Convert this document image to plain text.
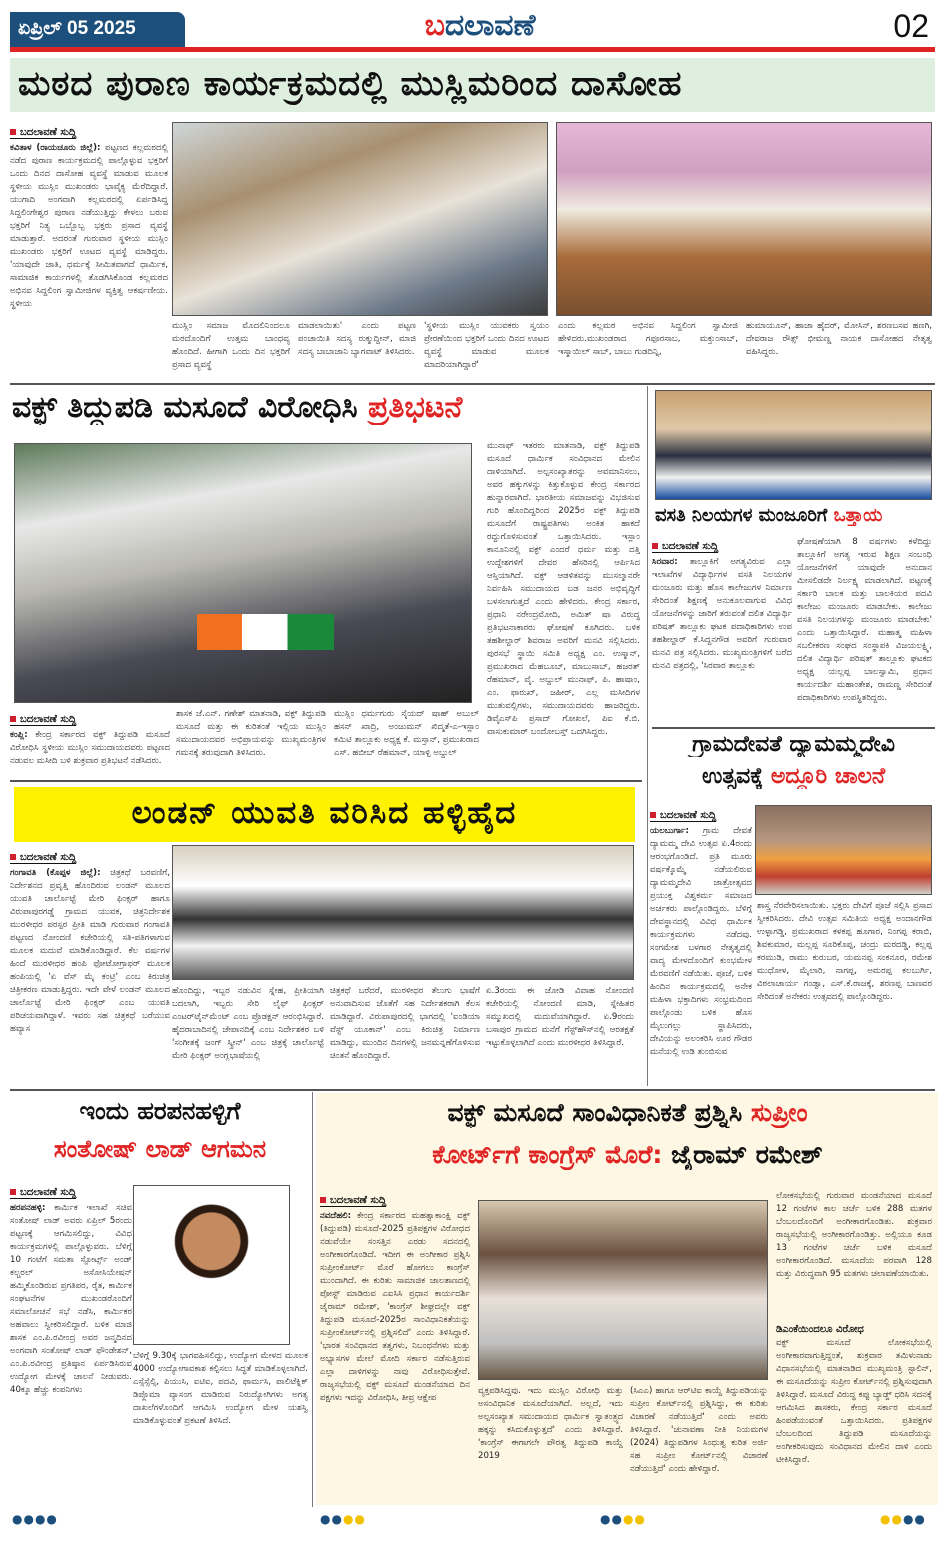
ಏಪ್ರಿಲ್ 05 2025	ಬದಲಾವಣೆ	02
ಮಠದ ಪುರಾಣ ಕಾರ್ಯಕ್ರಮದಲ್ಲಿ ಮುಸ್ಲಿಮರಿಂದ ದಾಸೋಹ
ಬದಲಾವಣೆ ಸುದ್ದಿ
ಕವಿತಾಳ (ರಾಯಚೂರು ಜಿಲ್ಲೆ): ಪಟ್ಟಣದ ಕಲ್ಲಮಠದಲ್ಲಿ ನಡೆದ ಪುರಾಣ ಕಾರ್ಯಕ್ರಮದಲ್ಲಿ ಪಾಲ್ಗೊಳ್ಳುವ ಭಕ್ತರಿಗೆ ಒಂದು ದಿನದ ದಾಸೋಹ ವ್ಯವಸ್ಥೆ ಮಾಡುವ ಮೂಲಕ ಸ್ಥಳೀಯ ಮುಸ್ಲಿಂ ಮುಖಂಡರು ಭಾವೈಕ್ಯ ಮೆರೆದಿದ್ದಾರೆ. ಯುಗಾದಿ ಅಂಗವಾಗಿ ಕಲ್ಲಮಠದಲ್ಲಿ ಏರ್ಪಡಿಸಿದ್ದ ಸಿದ್ದಲಿಂಗೇಶ್ವರ ಪುರಾಣ ನಡೆಯುತ್ತಿದ್ದು ಕೇಳಲು ಬರುವ ಭಕ್ತರಿಗೆ ನಿತ್ಯ ಒಬ್ಬೊಬ್ಬ ಭಕ್ತರು ಪ್ರಸಾದ ವ್ಯವಸ್ಥೆ ಮಾಡುತ್ತಾರೆ. ಅದರಂತೆ ಗುರುವಾರ ಸ್ಥಳೀಯ ಮುಸ್ಲಿಂ ಮುಖಂಡರು ಭಕ್ತರಿಗೆ ಊಟದ ವ್ಯವಸ್ಥೆ ಮಾಡಿದ್ದರು. 'ಯಾವುದೇ ಜಾತಿ, ಧರ್ಮಕ್ಕೆ ಸೀಮಿತವಾಗದೆ ಧಾರ್ಮಿಕ, ಸಾಮಾಜಿಕ ಕಾರ್ಯಗಳಲ್ಲಿ ತೊಡಗಿಸಿಕೊಂಡ ಕಲ್ಲಮಠದ ಅಭಿನವ ಸಿದ್ದಲಿಂಗ ಸ್ವಾಮೀಜಿಗಳ ವ್ಯಕ್ತಿತ್ವ ಆಕರ್ಷಣೀಯ. ಸ್ಥಳೀಯ
ಮುಸ್ಲಿಂ ಸಮಾಜ ಮೊದಲಿನಿಂದಲೂ ಮಠದೊಂದಿಗೆ ಉತ್ತಮ ಬಾಂಧವ್ಯ ಹೊಂದಿದೆ. ಹೀಗಾಗಿ ಒಂದು ದಿನ ಭಕ್ತರಿಗೆ ಪ್ರಸಾದ ವ್ಯವಸ್ಥೆ
ಮಾಡಲಾಯಿತು' ಎಂದು ಪಟ್ಟಣ ಪಂಚಾಯಿತಿ ಸದಸ್ಯ ರುಕ್ಮುದ್ದೀನ್, ಮಾಜಿ ಸದಸ್ಯ ಬಾಬಾಜಾನಿ ಬ್ಯಾಗವಾಟ್ ತಿಳಿಸಿದರು.
'ಸ್ಥಳೀಯ ಮುಸ್ಲಿಂ ಯುವಕರು ಸ್ವಯಂ ಪ್ರೇರಣೆಯಿಂದ ಭಕ್ತರಿಗೆ ಒಂದು ದಿನದ ಊಟದ ವ್ಯವಸ್ಥೆ ಮಾಡುವ ಮೂಲಕ ಮಾದರಿಯಾಗಿದ್ದಾರೆ'
ಎಂದು ಕಲ್ಲಮಠ ಅಭಿನವ ಸಿದ್ದಲಿಂಗ ಸ್ವಾಮೀಜಿ ಹೇಳಿದರು.ಮುಖಂಡರಾದ ಗಫೂರಸಾಬ, ಮಕ್ತುಂಸಾಬ್, ಇಸ್ಮಾಯಿಲ್ ಸಾಬ್, ಬಾಬು ಗುಡದಿನ್ನಿ,
ಹುಮಾಯೂನ್, ಹಾಜಾ ಹೈದರ್, ಮೋಸಿನ್, ಶರಣಬಸವ ಹಣಗಿ, ದೇವರಾಜ ರೌತ್ಸ್ ಭೀಮಣ್ಣ ನಾಯಕ ದಾಸೋಹದ ನೇತೃತ್ವ ವಹಿಸಿದ್ದರು.
ವಕ್ಫ್ ತಿದ್ದುಪಡಿ ಮಸೂದೆ ವಿರೋಧಿಸಿ ಪ್ರತಿಭಟನೆ
ಮುನಾಫ್ ಇತರರು ಮಾತನಾಡಿ, ವಕ್ಫ್ ತಿದ್ದುಪಡಿ ಮಸೂದೆ ಧಾರ್ಮಿಕ ಸಂವಿಧಾನದ ಮೇಲಿನ ದಾಳಿಯಾಗಿದೆ. ಅಲ್ಪಸಂಖ್ಯಾತರನ್ನು ಅವಮಾನಿಸಲು, ಅವರ ಹಕ್ಕುಗಳನ್ನು ಕಿತ್ತುಕೊಳ್ಳುವ ಕೇಂದ್ರ ಸರ್ಕಾರದ ಹುನ್ನಾರವಾಗಿದೆ. ಭಾರತೀಯ ಸಮಾಜವನ್ನು ವಿಭಜಿಸುವ ಗುರಿ ಹೊಂದಿದ್ದರಿಂದ 2025ರ ವಕ್ಫ್ ತಿದ್ದುಪಡಿ ಮಸೂದೆಗೆ ರಾಷ್ಟ್ರಪತಿಗಳು ಅಂಕಿತ ಹಾಕದೆ ರದ್ದುಗೊಳಿಸುವಂತೆ ಒತ್ತಾಯಿಸಿದರು. ಇಸ್ಲಾಂ ಕಾನೂನಿನಲ್ಲಿ ವಕ್ಫ್ ಎಂದರೆ ಧರ್ಮ ಮತ್ತು ದತ್ತಿ ಉದ್ದೇಶಗಳಿಗೆ ದೇವರ ಹೆಸರಿನಲ್ಲಿ ಆರ್ಪಿಸಿದ ಆಸ್ತಿಯಾಗಿದೆ. ವಕ್ಫ್ ಆಡಳಿತವನ್ನು ಮುಸಲ್ಮಾನರೇ ನಿರ್ವಹಿಸಿ ಸಮುದಾಯದ ಬಡ ಜನರ ಅಭಿವೃದ್ಧಿಗೆ ಬಳಸಲಾಗುತ್ತದೆ ಎಂದು ಹೇಳಿದರು. ಕೇಂದ್ರ ಸರ್ಕಾರ, ಪ್ರಧಾನಿ ನರೇಂದ್ರಮೋದಿ, ಅಮಿತ್ ಷಾ ವಿರುದ್ಧ ಪ್ರತಿಭಟನಾಕಾರರು ಘೋಷಣೆ ಕೂಗಿದರು. ಬಳಿಕ ತಹಶೀಲ್ದಾರ್ ಶಿವರಾಜ ಅವರಿಗೆ ಮನವಿ ಸಲ್ಲಿಸಿದರು. ಪುರಸಭೆ ಸ್ಥಾಯಿ ಸಮಿತಿ ಅಧ್ಯಕ್ಷ ಎಂ. ಉಸ್ಮಾನ್, ಪ್ರಮುಖರಾದ ಮೆಹಬೂಬ್, ಮಾಬುಸಾಬ್, ಹಜರತ್ ರೆಹಮಾನ್, ವೈ. ಅಬ್ದುಲ್ ಮುನಾಫ್, ಪಿ. ಹಾಷಾಂ, ಎಂ. ಫಾರುಖ್, ಜಹೀರ್, ಎಲ್ಲ ಮಸೀದಿಗಳ ಮುತುವಲ್ಲಿಗಳು, ಸಮುದಾಯದವರು ಹಾಜರಿದ್ದರು. ಡಿವೈಎಸ್‌ಪಿ ಪ್ರಸಾದ್ ಗೋಖಲೆ, ಪಿಐ ಕೆ.ಬಿ. ವಾಸುಕುಮಾರ್ ಬಂದೋಬಸ್ತ್ ಒದಗಿಸಿದ್ದರು.
ಬದಲಾವಣೆ ಸುದ್ದಿ
ಕಂಪ್ಲಿ: ಕೇಂದ್ರ ಸರ್ಕಾರದ ವಕ್ಫ್ ತಿದ್ದುಪಡಿ ಮಸೂದೆ ವಿರೋಧಿಸಿ ಸ್ಥಳೀಯ ಮುಸ್ಲಿಂ ಸಮುದಾಯದವರು ಪಟ್ಟಣದ ನಡುವಲ ಮಸೀದಿ ಬಳಿ ಶುಕ್ರವಾರ ಪ್ರತಿಭಟನೆ ನಡೆಸಿದರು.
ಶಾಸಕ ಜೆ.ಎನ್. ಗಣೇಶ್ ಮಾತನಾಡಿ, ವಕ್ಫ್ ತಿದ್ದುಪಡಿ ಮಸೂದೆ ಮತ್ತು ಈ ಕುರಿತಂತೆ ಇಲ್ಲಿಯ ಮುಸ್ಲಿಂ ಸಮುದಾಯದವರ ಅಭಿಪ್ರಾಯವನ್ನು ಮುಖ್ಯಮಂತ್ರಿಗಳ ಗಮನಕ್ಕೆ ತರುವುದಾಗಿ ತಿಳಿಸಿದರು.
ಮುಸ್ಲಿಂ ಧರ್ಮಗುರು ಸೈಯದ್ ಷಾಹ್ ಅಬುಲ್ ಹಸನ್ ಖಾದ್ರಿ, ಅಂಜುಮನ್ ಖಿದ್ಮತೆ-ಎ-ಇಸ್ಲಾಂ ಕಮಿಟಿ ತಾಲ್ಲೂಕು ಅಧ್ಯಕ್ಷ ಕೆ. ಮಸ್ತಾನ್, ಪ್ರಮುಖರಾದ ಎಸ್. ಹಬೀಬ್ ರೆಹಮಾನ್, ಯಾಳ್ಪಿ ಅಬ್ದುಲ್
ವಸತಿ ನಿಲಯಗಳ ಮಂಜೂರಿಗೆ ಒತ್ತಾಯ
ಬದಲಾವಣೆ ಸುದ್ದಿ
ಸಿರವಾರ: ತಾಲ್ಲೂಕಿಗೆ ಅಗತ್ಯವಿರುವ ಎಲ್ಲಾ ಇಲಾಖೆಗಳ ವಿದ್ಯಾರ್ಥಿಗಳ ವಸತಿ ನಿಲಯಗಳ ಮಂಜೂರು ಮತ್ತು ಹೊಸ ಕಾಲೇಜುಗಳ ನಿರ್ಮಾಣ ಸೇರಿದಂತೆ ಶಿಕ್ಷಣಕ್ಕೆ ಅನುಕೂಲವಾಗುವ ವಿವಿಧ ಯೋಜನೆಗಳನ್ನು ಜಾರಿಗೆ ತರುವಂತೆ ದಲಿತ ವಿದ್ಯಾರ್ಥಿ ಪರಿಷತ್ ತಾಲ್ಲೂಕು ಘಟಕ ಪದಾಧಿಕಾರಿಗಳು ಉಪ ತಹಶೀಲ್ದಾರ್ ಕೆ.ಸಿದ್ದನಗೌಡ ಅವರಿಗೆ ಗುರುವಾರ ಮನವಿ ಪತ್ರ ಸಲ್ಲಿಸಿದರು. ಮುಖ್ಯಮಂತ್ರಿಗಳಿಗೆ ಬರೆದ ಮನವಿ ಪತ್ರದಲ್ಲಿ, 'ಸಿರವಾರ ತಾಲ್ಲೂಕು
ಘೋಷಣೆಯಾಗಿ 8 ವರ್ಷಗಳು ಕಳೆದಿದ್ದು ತಾಲ್ಲೂಕಿಗೆ ಅಗತ್ಯ ಇರುವ ಶಿಕ್ಷಣ ಸಂಬಂಧಿ ಯೋಜನೆಗಳಿಗೆ ಯಾವುದೇ ಅನುದಾನ ಮೀಸಲಿಡದೇ ನಿರ್ಲಕ್ಷ್ಯ ಮಾಡಲಾಗಿದೆ. ಪಟ್ಟಣಕ್ಕೆ ಸರ್ಕಾರಿ ಬಾಲಕ ಮತ್ತು ಬಾಲಕಿಯರ ಪದವಿ ಕಾಲೇಜು ಮಂಜೂರು ಮಾಡಬೇಕು. ಕಾಲೇಜು ವಸತಿ ನಿಲಯಗಳನ್ನು ಮಂಜೂರು ಮಾಡಬೇಕು' ಎಂದು ಒತ್ತಾಯಿಸಿದ್ದಾರೆ. ಮಹಾತ್ಮ ಮಹಿಳಾ ಸಬಲೀಕರಣ ಸಂಘದ ಸಂಸ್ಥಾಪಕಿ ವಿಜಯಲಕ್ಷ್ಮಿ, ದಲಿತ ವಿದ್ಯಾರ್ಥಿ ಪರಿಷತ್ ತಾಲ್ಲೂಕು ಘಟಕದ ಅಧ್ಯಕ್ಷ ಯಲ್ಲಪ್ಪ ಬಾಲಸ್ವಾಮಿ, ಪ್ರಧಾನ ಕಾರ್ಯದರ್ಶಿ ಮಹಾಂತೇಶ, ರಾಮಣ್ಣ ಸೇರಿದಂತೆ ಪದಾಧಿಕಾರಿಗಳು ಉಪಸ್ಥಿತರಿದ್ದರು.
ಗ್ರಾಮದೇವತೆ ದ್ಯಾಮಮ್ಮದೇವಿ
ಉತ್ಸವಕ್ಕೆ ಅದ್ದೂರಿ ಚಾಲನೆ
ಬದಲಾವಣೆ ಸುದ್ದಿ
ಯಲಬುರ್ಗಾ: ಗ್ರಾಮ ದೇವತೆ ದ್ಯಾಮಮ್ಮ ದೇವಿ ಉತ್ಸವ ಏ.4ರಂದು ಆರಂಭಗೊಂಡಿದೆ. ಪ್ರತಿ ಮೂರು ವರ್ಷಕ್ಕೊಮ್ಮೆ ನಡೆಯಲಿರುವ ದ್ಯಾಮಮ್ಮದೇವಿ ಜಾತ್ರೋತ್ಸವದ ಪ್ರಯುಕ್ತ ವಿಶ್ವಕರ್ಮ ಸಮಾಜದ ಅರ್ಚಕರು ಪಾಲ್ಗೊಂಡಿದ್ದರು. ಬೆಳಿಗ್ಗೆ ದೇವಸ್ಥಾನದಲ್ಲಿ ವಿವಿಧ ಧಾರ್ಮಿಕ ಕಾರ್ಯಕ್ರಮಗಳು ನಡೆದವು. ಸಂಗಮೇಶ ಬಳಗಾರ ನೇತೃತ್ವದಲ್ಲಿ ವಾದ್ಯ ಮೇಳದೊಂದಿಗೆ ಕುಂಭಮೇಳ ಮೆರವಣಿಗೆ ನಡೆಯಿತು. ಪೂಜೆ, ಬಳಿಕ ಹಿಂದಿನ ಕಾರ್ಯಕ್ರಮದಲ್ಲಿ ಅನೇಕ ಮಹಿಳಾ ಭಕ್ತಾದಿಗಳು ಸಂಭ್ರಮದಿಂದ ಪಾಲ್ಗೊಂಡು ಬಳಿಕ ಹೊಸ ಮೈಲುಗಲ್ಲು ಸ್ಥಾಪಿಸಿದರು, ದೇವಿಯನ್ನು ಅಲಂಕರಿಸಿ ಊರ ಗೌಡರ ಮನೆಯಲ್ಲಿ ಉಡಿ ತುಂಬಿಸುವ
ಶಾಸ್ತ್ರ ನೆರವೇರಿಸಲಾಯಿತು. ಭಕ್ತರು ದೇವಿಗೆ ಪೂಜೆ ಸಲ್ಲಿಸಿ ಪ್ರಸಾದ ಸ್ವೀಕರಿಸಿದರು. ದೇವಿ ಉತ್ಸವ ಸಮಿತಿಯ ಅಧ್ಯಕ್ಷ ಅಂದಾನಗೌಡ ಉಳ್ಳಾಗಡ್ಡಿ, ಪ್ರಮುಖರಾದ ಕಳಕಪ್ಪ ಹೂಗಾರ, ನಿಂಗಪ್ಪ ಕರಾಬಿ, ಶಿವಕುಮಾರ, ಮಲ್ಲಪ್ಪ ಸೂರಿಕೊಪ್ಪ, ಚಂದ್ರು ಮರದಡ್ಡಿ, ಕಲ್ಲಪ್ಪ ಕರಮುಡಿ, ರಾಮು ಕುರುಬರ, ಯಮನಪ್ಪ ಸಂಕನೂರ, ರಮೇಶ ಮುಧೋಳ, ಮೈಲಾರಿ, ನಾಗಪ್ಪ, ಅಮರಪ್ಪ ಕಲಬುರ್ಗಿ, ವಿಠಲಾಚಾರ್ಯ ಗಂಡ್ವಾ, ಎಸ್.ಕೆ.ರಾಜಕ್ಕೆ, ಶರಣಪ್ಪ ಬಾಣವರ ಸೇರಿದಂತೆ ಅನೇಕರು ಉತ್ಸವದಲ್ಲಿ ಪಾಲ್ಗೊಂಡಿದ್ದರು.
ಲಂಡನ್ ಯುವತಿ ವರಿಸಿದ ಹಳ್ಳಿಹೈದ
ಬದಲಾವಣೆ ಸುದ್ದಿ
ಗಂಗಾವತಿ (ಕೊಪ್ಪಳ ಜಿಲ್ಲೆ): ಚಿತ್ರಕಥೆ ಬರವಣಿಗೆ, ನಿರ್ದೇಶನದ ಪ್ರವೃತ್ತಿ ಹೊಂದಿರುವ ಲಂಡನ್ ಮೂಲದ ಯುವತಿ ಚಾರ್ಲೊಟ್ಟೆ ಮೇರಿ ಫಿಂಕ್ಸರ್ ಹಾಗೂ ವಿರುಪಾಪುರಗಡ್ಡೆ ಗ್ರಾಮದ ಯುವಕ, ಚಿತ್ರನಿರ್ದೇಶಕ ಮುರಳೀಧರ ಪರಸ್ಪರ ಪ್ರೀತಿ ಮಾಡಿ ಗುರುವಾರ ಗಂಗಾವತಿ ಪಟ್ಟಣದ ನೋಂದಣಿ ಕಚೇರಿಯಲ್ಲಿ ಸತಿ-ಪತಿಗಳಾಗುವ ಮೂಲಕ ಮದುವೆ ಮಾಡಿಕೊಂಡಿದ್ದಾರೆ. ಕೆಲ ವರ್ಷಗಳ ಹಿಂದೆ ಮುರಳೀಧರ ಹಂಪಿ ಫೋಟೋಗ್ರಾಫರ್ ಮೂಲಕ ಹಂಪಿಯಲ್ಲಿ 'ಏ ವೆಸ್ ಮೈ ಕಂಟ್ರಿ' ಎಂಬ ಕಿರುಚಿತ್ರ ಚಿತ್ರೀಕರಣ ಮಾಡುತ್ತಿದ್ದರು. ಇದೇ ವೇಳೆ ಲಂಡನ್ ಮೂಲದ ಚಾರ್ಲೊಟ್ಟೆ ಮೇರಿ ಫಿಂಕ್ಸರ್ ಎಂಬ ಯುವತಿ ಪರಿಚಯವಾಗಿದ್ದಾಳೆ. ಇವರು ಸಹ ಚಿತ್ರಕಥೆ ಬರೆಯುವ ಹವ್ಯಾಸ
ಹೊಂದಿದ್ದು, ಇಬ್ಬರ ನಡುವಿನ ಸ್ನೇಹ, ಪ್ರೀತಿಯಾಗಿ ಬದಲಾಗಿ, ಇಬ್ಬರು ಸೇರಿ ಲೈಫ್ ಫಿಂಕ್ಸರ್ ಎಂಟರ್‌ಟೈನ್‌ಮೆಂಟ್ ಎಂಬ ಪ್ರೊಡಕ್ಷನ್ ಆರಂಭಿಸಿದ್ದಾರೆ. ಹೈದರಾಬಾದಿನಲ್ಲಿ ಜೇಪಾನದಿಕ್ಕೆ ಎಂಬ ನಿರ್ದೇಶಕರ ಬಳಿ 'ಸಂಗೀತಕ್ಕೆ ಜಂಗ್ ಸ್ಕ್ರೀನ್' ಎಂಬ ಚಿತ್ರಕ್ಕೆ ಚಾರ್ಲೊಟ್ಟೆ ಮೇರಿ ಫಿಂಕ್ಸರ್ ಅಂಗ್ಲಭಾಷೆಯಲ್ಲಿ
ಚಿತ್ರಕಥೆ ಬರೆದರೆ, ಮುರಳೀಧರ ತೆಲುಗು ಭಾಷೆಗೆ ಅನುವಾದಿಸುವ ಜೊತೆಗೆ ಸಹ ನಿರ್ದೇಶಕರಾಗಿ ಕೆಲಸ ಮಾಡಿದ್ದಾರೆ. ವಿರುಪಾಪುರದಲ್ಲಿ ಭಾಗದಲ್ಲಿ 'ಐಂಡಿಯಾ ವೆಸ್ಟ್ ಯೂಕಾನ್' ಎಂಬ ಕಿರುಚಿತ್ರ ನಿರ್ಮಾಣ ಮಾಡಿದ್ದು, ಮುಂದಿನ ದಿನಗಳಲ್ಲಿ ಜನಮನ್ನಣೆಗೊಳಿಸುವ ಚಿಂತನೆ ಹೊಂದಿದ್ದಾರೆ.
ಏ.3ರಂದು ಈ ಜೋಡಿ ವಿವಾಹ ನೋಂದಣಿ ಕಚೇರಿಯಲ್ಲಿ ನೋಂದಣಿ ಮಾಡಿ, ಸ್ನೇಹಿತರ ಸಮ್ಮುಖದಲ್ಲಿ ಮದುವೆಯಾಗಿದ್ದಾರೆ. ಏ.9ರಂದು ಬಸಾಪುರ ಗ್ರಾಮದ ಮನೆಗೆ ಗೆಸ್ಟ್‌ಹೌಸ್‌ನಲ್ಲಿ ಆರತಕ್ಷತೆ ಇಟ್ಟುಕೊಳ್ಳಲಾಗಿದೆ ಎಂದು ಮುರಳೀಧರ ತಿಳಿಸಿದ್ದಾರೆ.
ಇಂದು ಹರಪನಹಳ್ಳಿಗೆ
ಸಂತೋಷ್ ಲಾಡ್ ಆಗಮನ
ಬದಲಾವಣೆ ಸುದ್ದಿ
ಹರಪನಹಳ್ಳಿ: ಕಾರ್ಮಿಕ ಇಲಾಖೆ ಸಚಿವ ಸಂತೋಷ್ ಲಾಡ್ ಅವರು ಏಪ್ರಿಲ್ 5ರಂದು ಪಟ್ಟಣಕ್ಕೆ ಆಗಮಿಸಲಿದ್ದು, ವಿವಿಧ ಕಾರ್ಯಕ್ರಮಗಳಲ್ಲಿ ಪಾಲ್ಗೊಳ್ಳುವರು. ಬೆಳಿಗ್ಗೆ 10 ಗಂಟೆಗೆ ಸಮತಾ ಸ್ಪೋರ್ಟ್ಸ್ ಅಂಡ್ ಕಲ್ಚರಲ್ ಅಸೋಸಿಯೇಷನ್ ಹಮ್ಮಿಕೊಂಡಿರುವ ಪ್ರಗತಿಪರ, ರೈತ, ಕಾರ್ಮಿಕ ಸಂಘಟನೆಗಳ ಮುಖಂಡರೊಂದಿಗೆ ಸಮಾಲೋಚನೆ ಸಭೆ ನಡೆಸಿ, ಕಾರ್ಮಿಕರ ಅಹವಾಲು ಸ್ವೀಕರಿಸಲಿದ್ದಾರೆ. ಬಳಿಕ ಮಾಜಿ ಶಾಸಕ ಎಂ.ಪಿ.ರವೀಂದ್ರ ಅವರ ಜನ್ಮದಿನದ ಅಂಗವಾಗಿ ಸಂತೋಷ್ ಲಾಡ್ ಫೌಂಡೇಶನ್, ಎಂ.ಪಿ.ರವೀಂದ್ರ ಪ್ರತಿಷ್ಠಾನ ಏರ್ಪಡಿಸಿರುವ ಉದ್ಯೋಗ ಮೇಳಕ್ಕೆ ಚಾಲನೆ ನೀಡುವರು. 40ಕ್ಕೂ ಹೆಚ್ಚು ಕಂಪನಿಗಳು
ಬೆಳಿಗ್ಗೆ 9.30ಕ್ಕೆ ಭಾಗವಹಿಸಲಿದ್ದು, ಉದ್ಯೋಗ ಮೇಳದ ಮೂಲಕ 4000 ಉದ್ಯೋಗಾವಕಾಶ ಕಲ್ಪಿಸಲು ಸಿದ್ಧತೆ ಮಾಡಿಕೊಳ್ಳಲಾಗಿದೆ. ಎಸ್ಸೆಸ್ಸೆಲ್ಸಿ, ಪಿಯುಸಿ, ಐಟಿಐ, ಪದವಿ, ಫಾರ್ಮಸಿ, ಪಾಲಿಟೆಕ್ನಿಕ್ ಡಿಪ್ಲೊಮಾ ವ್ಯಾಸಂಗ ಮಾಡಿರುವ ನಿರುದ್ಯೋಗಿಗಳು ಅಗತ್ಯ ದಾಖಲೆಗಳೊಂದಿಗೆ ಆಗಮಿಸಿ ಉದ್ಯೋಗ ಮೇಳ ಯಶಸ್ವಿ ಮಾಡಿಕೊಳ್ಳುವಂತೆ ಪ್ರಕಟಣೆ ತಿಳಿಸಿದೆ.
ವಕ್ಫ್ ಮಸೂದೆ ಸಾಂವಿಧಾನಿಕತೆ ಪ್ರಶ್ನಿಸಿ ಸುಪ್ರೀಂ
ಕೋರ್ಟ್‌ಗೆ ಕಾಂಗ್ರೆಸ್ ಮೊರೆ: ಜೈರಾಮ್ ರಮೇಶ್
ಬದಲಾವಣೆ ಸುದ್ದಿ
ನವದೆಹಲಿ: ಕೇಂದ್ರ ಸರ್ಕಾರದ ಮಹತ್ವಾಕಾಂಕ್ಷಿ ವಕ್ಫ್ (ತಿದ್ದುಪಡಿ) ಮಸೂದೆ-2025 ಪ್ರತಿಪಕ್ಷಗಳ ವಿರೋಧದ ನಡುವೆಯೇ ಸಂಸತ್ತಿನ ಎರಡು ಸದನದಲ್ಲಿ ಅಂಗೀಕಾರಗೊಂಡಿದೆ. ಇದೀಗ ಈ ಅಂಗೀಕಾರ ಪ್ರಶ್ನಿಸಿ ಸುಪ್ರೀಂಕೋರ್ಟ್ ಮೊರೆ ಹೋಗಲು ಕಾಂಗ್ರೆಸ್ ಮುಂದಾಗಿದೆ. ಈ ಕುರಿತು ಸಾಮಾಜಿಕ ಜಾಲತಾಣದಲ್ಲಿ ಪೋಸ್ಟ್ ಮಾಡಿರುವ ಎಐಸಿಸಿ ಪ್ರಧಾನ ಕಾರ್ಯದರ್ಶಿ ಜೈರಾಮ್ ರಮೇಶ್, 'ಕಾಂಗ್ರೆಸ್ ಶೀಘ್ರದಲ್ಲೇ ವಕ್ಫ್ ತಿದ್ದುಪಡಿ ಮಸೂದೆ-2025ರ ಸಾಂವಿಧಾನಿಕತೆಯನ್ನು ಸುಪ್ರೀಂಕೋರ್ಟ್‌ನಲ್ಲಿ ಪ್ರಶ್ನಿಸಲಿದೆ' ಎಂದು ತಿಳಿಸಿದ್ದಾರೆ. 'ಭಾರತ ಸಂವಿಧಾನದ ತತ್ವಗಳು, ನಿಬಂಧನೆಗಳು ಮತ್ತು ಅಭ್ಯಾಸಗಳ ಮೇಲೆ ಮೋದಿ ಸರ್ಕಾರ ನಡೆಸುತ್ತಿರುವ ಎಲ್ಲಾ ದಾಳಿಗಳನ್ನು ನಾವು ವಿರೋಧಿಸುತ್ತೇವೆ. ರಾಜ್ಯಸಭೆಯಲ್ಲಿ ವಕ್ಫ್ ಮಸೂದೆ ಮಂಡನೆಯಾದ ದಿನ ಪಕ್ಷಗಳು ಇದನ್ನು ವಿರೋಧಿಸಿ, ತೀವ್ರ ಆಕ್ಷೇಪ
ವ್ಯಕ್ತಪಡಿಸಿದ್ದವು. ಇದು ಮುಸ್ಲಿಂ ವಿರೋಧಿ ಮತ್ತು ಅಸಂವಿಧಾನಿಕ ಮಸೂದೆಯಾಗಿದೆ. ಅಲ್ಲದೆ, ಇದು ಅಲ್ಪಸಂಖ್ಯಾತ ಸಮುದಾಯದ ಧಾರ್ಮಿಕ ಸ್ವಾತಂತ್ರ್ಯದ ಹಕ್ಕನ್ನು ಕಸಿದುಕೊಳ್ಳುತ್ತದೆ' ಎಂದು ತಿಳಿಸಿದ್ದಾರೆ. 'ಕಾಂಗ್ರೆಸ್ ಈಗಾಗಲೇ ಪೌರತ್ವ ತಿದ್ದುಪಡಿ ಕಾಯ್ದೆ 2019
(ಸಿಎಎ) ಹಾಗೂ ಆರ್‌ಟಿಐ ಕಾಯ್ದೆ ತಿದ್ದುಪಡಿಯನ್ನು ಸುಪ್ರೀಂ ಕೋರ್ಟ್‌ನಲ್ಲಿ ಪ್ರಶ್ನಿಸಿದ್ದು, ಈ ಕುರಿತು ವಿಚಾರಣೆ ನಡೆಯುತ್ತಿದೆ' ಎಂದು ಅವರು ತಿಳಿಸಿದ್ದಾರೆ. 'ಚುನಾವಣಾ ನೀತಿ ನಿಯಮಗಳ (2024) ತಿದ್ದುಪಡಿಗಳ ಸಿಂಧುತ್ವ ಕುರಿತ ಅರ್ಜಿ ಸಹ ಸುಪ್ರೀಂ ಕೋರ್ಟ್‌ನಲ್ಲಿ ವಿಚಾರಣೆ ನಡೆಯುತ್ತಿದೆ' ಎಂದು ಹೇಳಿದ್ದಾರೆ.
ಲೋಕಸಭೆಯಲ್ಲಿ ಗುರುವಾರ ಮಂಡನೆಯಾದ ಮಸೂದೆ 12 ಗಂಟೆಗಳ ಕಾಲ ಚರ್ಚೆ ಬಳಿಕ 288 ಮತಗಳ ಬೆಂಬಲದೊಂದಿಗೆ ಅಂಗೀಕಾರಗೊಂಡಿತು. ಶುಕ್ರವಾರ ರಾಜ್ಯಸಭೆಯಲ್ಲಿ ಅಂಗೀಕಾರಗೊಂಡಿತ್ತು. ಅಲ್ಲಿಯೂ ಕೂಡ 13 ಗಂಟೆಗಳ ಚರ್ಚೆ ಬಳಿಕ ಮಸೂದೆ ಅಂಗೀಕಾರಗೊಂಡಿದೆ. ಮಸೂದೆಯ ಪರವಾಗಿ 128 ಮತ್ತು ವಿರುದ್ಧವಾಗಿ 95 ಮತಗಳು ಚಲಾವಣೆಯಾಯಿತು.
ಡಿಎಂಕೆಯಿಂದಲೂ ವಿರೋಧ
ವಕ್ಫ್ ಮಸೂದೆ ಲೋಕಸಭೆಯಲ್ಲಿ ಅಂಗೀಕಾರವಾಗುತ್ತಿದ್ದಂತೆ, ಶುಕ್ರವಾರ ತಮಿಳುನಾಡು ವಿಧಾನಸಭೆಯಲ್ಲಿ ಮಾತನಾಡಿದ ಮುಖ್ಯಮಂತ್ರಿ ಸ್ಟಾಲಿನ್, ಈ ಮಸೂದೆಯನ್ನು ಸುಪ್ರೀಂ ಕೋರ್ಟ್‌ನಲ್ಲಿ ಪ್ರಶ್ನಿಸುವುದಾಗಿ ತಿಳಿಸಿದ್ದಾರೆ. ಮಸೂದೆ ವಿರುದ್ಧ ಕಪ್ಪು ಬ್ಯಾಡ್ಜ್ ಧರಿಸಿ ಸದನಕ್ಕೆ ಆಗಮಿಸಿದ ಶಾಸಕರು, ಕೇಂದ್ರ ಸರ್ಕಾರ ಮಸೂದೆ ಹಿಂಪಡೆಯುವಂತೆ ಒತ್ತಾಯಿಸಿದರು. ಪ್ರತಿಪಕ್ಷಗಳ ಬೆಂಬಲದಿಂದ ತಿದ್ದುಪಡಿ ಮಸೂದೆಯನ್ನು ಅಂಗೀಕರಿಸುವುದು ಸಂವಿಧಾನದ ಮೇಲಿನ ದಾಳಿ ಎಂದು ಟೀಕಿಸಿದ್ದಾರೆ.
●●●●	●●●●	●●●●	●●●●
